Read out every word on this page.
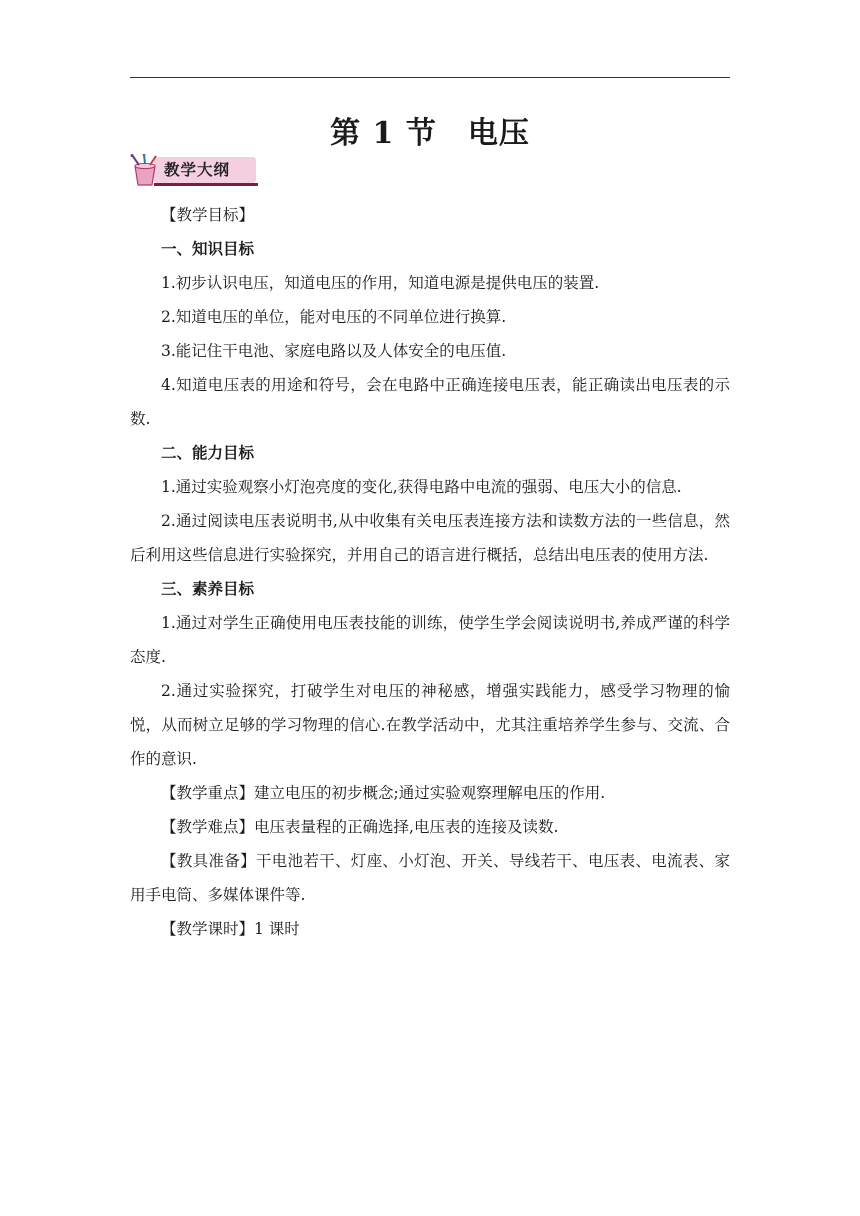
第 1 节　电压
教学大纲

【教学目标】

一、知识目标

1.初步认识电压，知道电压的作用，知道电源是提供电压的装置.

2.知道电压的单位，能对电压的不同单位进行换算.

3.能记住干电池、家庭电路以及人体安全的电压值.

4.知道电压表的用途和符号，会在电路中正确连接电压表，能正确读出电压表的示数.

二、能力目标

1.通过实验观察小灯泡亮度的变化,获得电路中电流的强弱、电压大小的信息.

2.通过阅读电压表说明书,从中收集有关电压表连接方法和读数方法的一些信息，然后利用这些信息进行实验探究，并用自己的语言进行概括，总结出电压表的使用方法.

三、素养目标

1.通过对学生正确使用电压表技能的训练，使学生学会阅读说明书,养成严谨的科学态度.

2.通过实验探究，打破学生对电压的神秘感，增强实践能力，感受学习物理的愉悦，从而树立足够的学习物理的信心.在教学活动中，尤其注重培养学生参与、交流、合作的意识.

【教学重点】建立电压的初步概念;通过实验观察理解电压的作用.

【教学难点】电压表量程的正确选择,电压表的连接及读数.

【教具准备】干电池若干、灯座、小灯泡、开关、导线若干、电压表、电流表、家用手电筒、多媒体课件等.

【教学课时】1 课时
